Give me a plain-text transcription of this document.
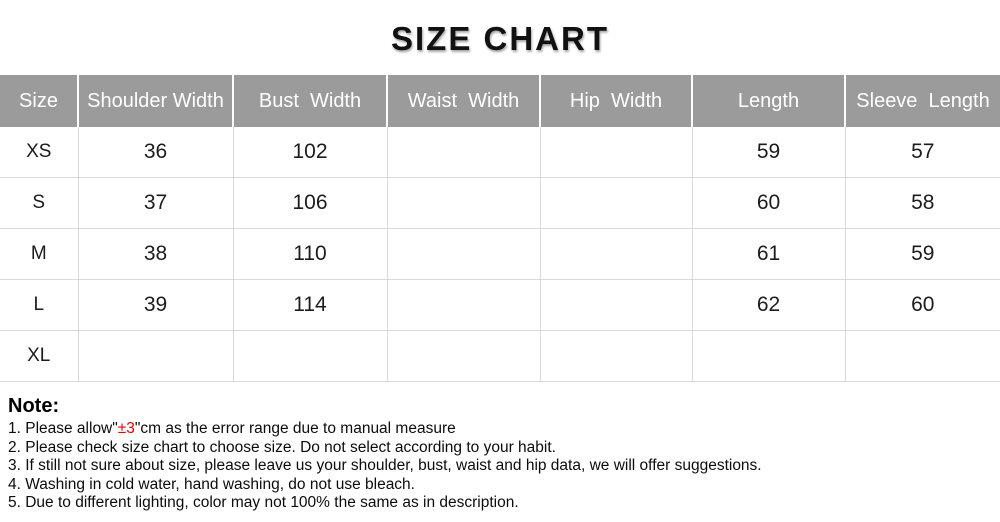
SIZE CHART
Size	Shoulder Width	Bust  Width	Waist  Width	Hip  Width	Length	Sleeve  Length
XS	36	102			59	57
S	37	106			60	58
M	38	110			61	59
L	39	114			62	60
XL						
Note:
1. Please allow"±3"cm as the error range due to manual measure
2. Please check size chart to choose size. Do not select according to your habit.
3. If still not sure about size, please leave us your shoulder, bust, waist and hip data, we will offer suggestions.
4. Washing in cold water, hand washing, do not use bleach.
5. Due to different lighting, color may not 100% the same as in description.
